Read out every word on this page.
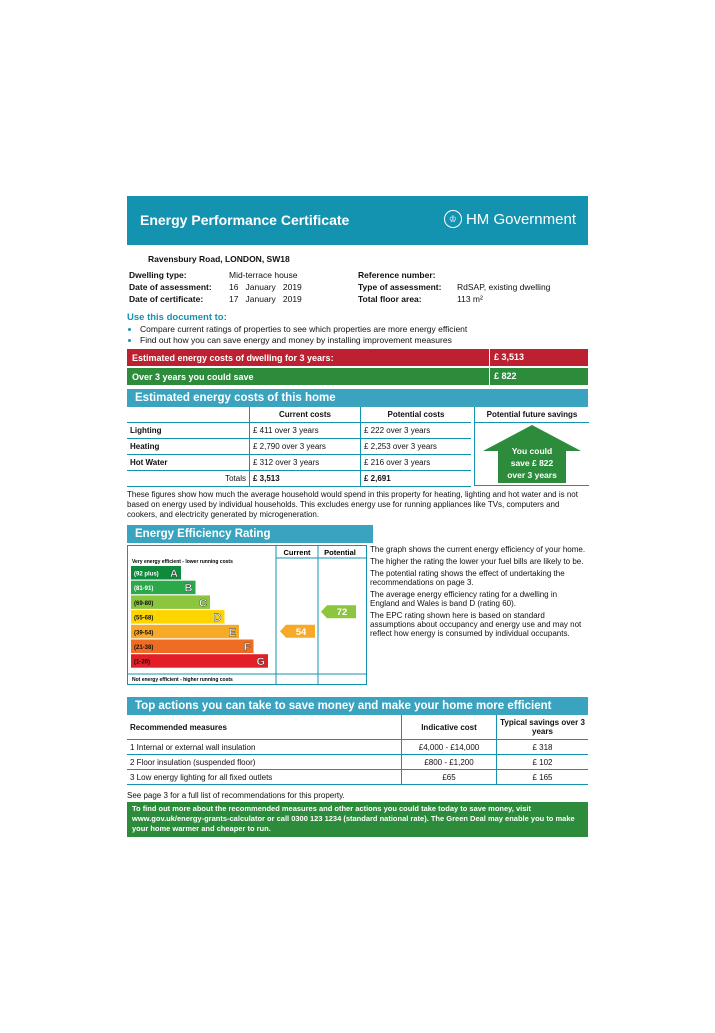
Energy Performance Certificate	♔ HM Government
Ravensbury Road, LONDON, SW18
Dwelling type:	Mid-terrace house
Date of assessment: 16   January   2019
Date of certificate:	17   January   2019
Reference number:
Type of assessment: RdSAP, existing dwelling
Total floor area:	113 m²
Use this document to:
• Compare current ratings of properties to see which properties are more energy efficient
• Find out how you can save energy and money by installing improvement measures
Estimated energy costs of dwelling for 3 years:	£ 3,513
Over 3 years you could save	£ 822
Estimated energy costs of this home
	Current costs	Potential costs
Lighting	£ 411 over 3 years	£ 222 over 3 years
Heating	£ 2,790 over 3 years	£ 2,253 over 3 years
Hot Water	£ 312 over 3 years	£ 216 over 3 years
Totals	£ 3,513	£ 2,691
Potential future savings
You could
save £ 822
over 3 years
These figures show how much the average household would spend in this property for heating, lighting and hot water and is not based on energy used by individual households. This excludes energy use for running appliances like TVs, computers and cookers, and electricity generated by microgeneration.
Energy Efficiency Rating
Current Potential
Very energy efficient - lower running costs
Not energy efficient - higher running costs
(92 plus) A
(81-91)	B
(69-80)	C
(55-68)	D
(39-54)	E
(21-38)	F
(1-20)	G
54
72

The graph shows the current energy efficiency of your home.

The higher the rating the lower your fuel bills are likely to be.

The potential rating shows the effect of undertaking the recommendations on page 3.

The average energy efficiency rating for a dwelling in England and Wales is band D (rating 60).

The EPC rating shown here is based on standard assumptions about occupancy and energy use and may not reflect how energy is consumed by individual occupants.

Top actions you can take to save money and make your home more efficient
Recommended measures	Indicative cost	Typical savings over 3 years
1 Internal or external wall insulation	£4,000 - £14,000	£ 318
2 Floor insulation (suspended floor)	£800 - £1,200	£ 102
3 Low energy lighting for all fixed outlets	£65	£ 165
See page 3 for a full list of recommendations for this property.
To find out more about the recommended measures and other actions you could take today to save money, visit www.gov.uk/energy-grants-calculator or call 0300 123 1234 (standard national rate). The Green Deal may enable you to make your home warmer and cheaper to run.
